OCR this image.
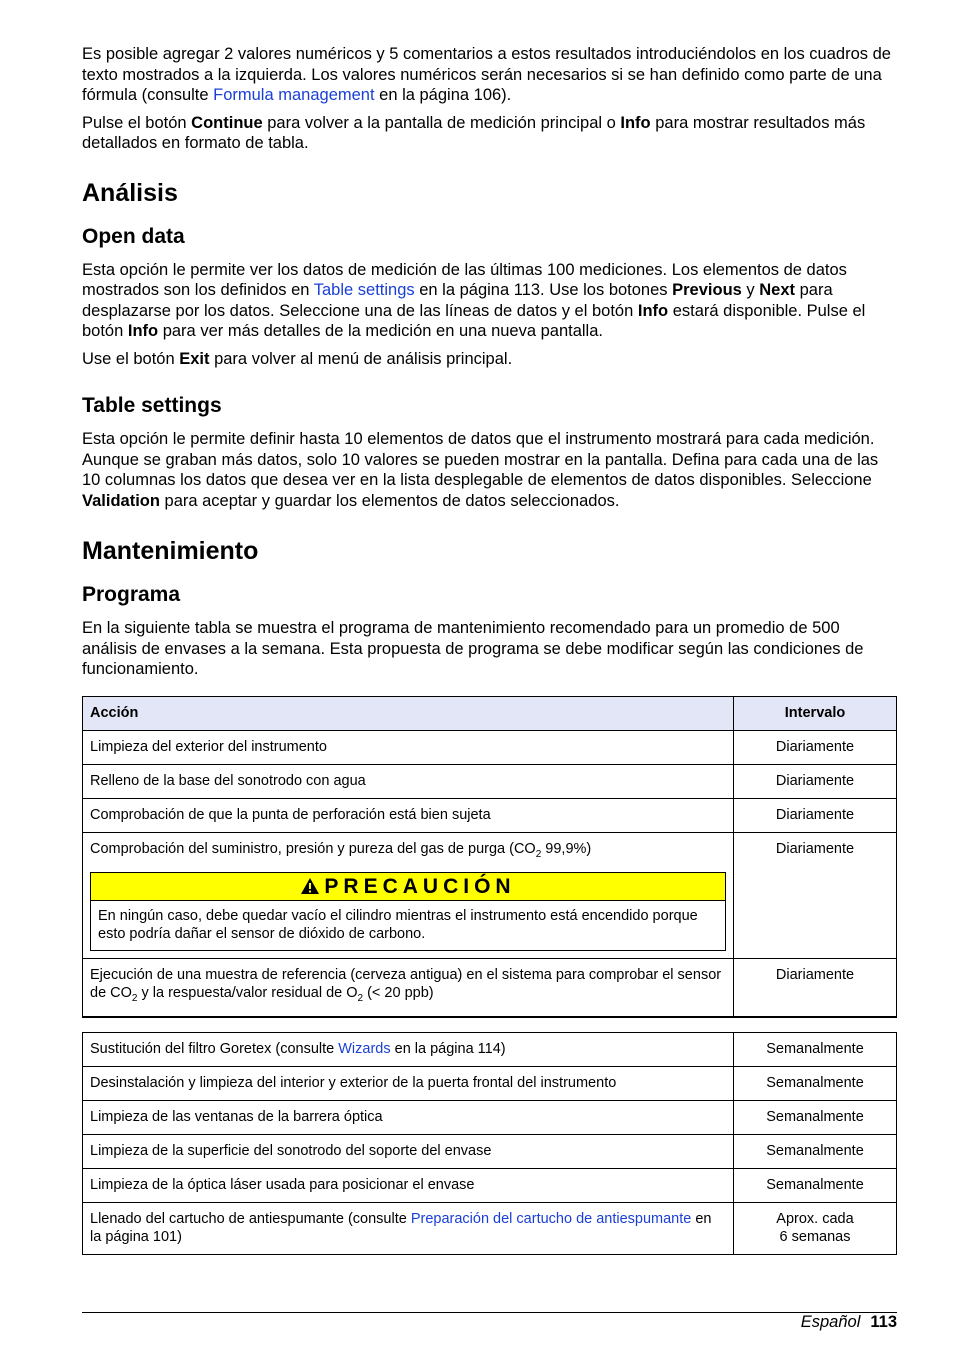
Es posible agregar 2 valores numéricos y 5 comentarios a estos resultados introduciéndolos en los cuadros de texto mostrados a la izquierda. Los valores numéricos serán necesarios si se han definido como parte de una fórmula (consulte Formula management en la página 106).

Pulse el botón Continue para volver a la pantalla de medición principal o Info para mostrar resultados más detallados en formato de tabla.

Análisis
Open data

Esta opción le permite ver los datos de medición de las últimas 100 mediciones. Los elementos de datos mostrados son los definidos en Table settings en la página 113. Use los botones Previous y Next para desplazarse por los datos. Seleccione una de las líneas de datos y el botón Info estará disponible. Pulse el botón Info para ver más detalles de la medición en una nueva pantalla.

Use el botón Exit para volver al menú de análisis principal.

Table settings

Esta opción le permite definir hasta 10 elementos de datos que el instrumento mostrará para cada medición. Aunque se graban más datos, solo 10 valores se pueden mostrar en la pantalla. Defina para cada una de las 10 columnas los datos que desea ver en la lista desplegable de elementos de datos disponibles. Seleccione Validation para aceptar y guardar los elementos de datos seleccionados.

Mantenimiento
Programa

En la siguiente tabla se muestra el programa de mantenimiento recomendado para un promedio de 500 análisis de envases a la semana. Esta propuesta de programa se debe modificar según las condiciones de funcionamiento.

Acción	Intervalo
Limpieza del exterior del instrumento	Diariamente
Relleno de la base del sonotrodo con agua	Diariamente
Comprobación de que la punta de perforación está bien sujeta	Diariamente

Comprobación del suministro, presión y pureza del gas de purga ($CO_2$ 99,9%)
PRECAUCIÓN
En ningún caso, debe quedar vacío el cilindro mientras el instrumento está encendido porque esto podría dañar el sensor de dióxido de carbono.	Diariamente
Ejecución de una muestra de referencia (cerveza antigua) en el sistema para comprobar el sensor de $CO_2$ y la respuesta/valor residual de $O_2$ (< 20 ppb)	Diariamente

Sustitución del filtro Goretex (consulte Wizards en la página 114)	Semanalmente
Desinstalación y limpieza del interior y exterior de la puerta frontal del instrumento	Semanalmente
Limpieza de las ventanas de la barrera óptica	Semanalmente
Limpieza de la superficie del sonotrodo del soporte del envase	Semanalmente
Limpieza de la óptica láser usada para posicionar el envase	Semanalmente
Llenado del cartucho de antiespumante (consulte Preparación del cartucho de antiespumante en la página 101)	Aprox. cada
6 semanas
Español 113
